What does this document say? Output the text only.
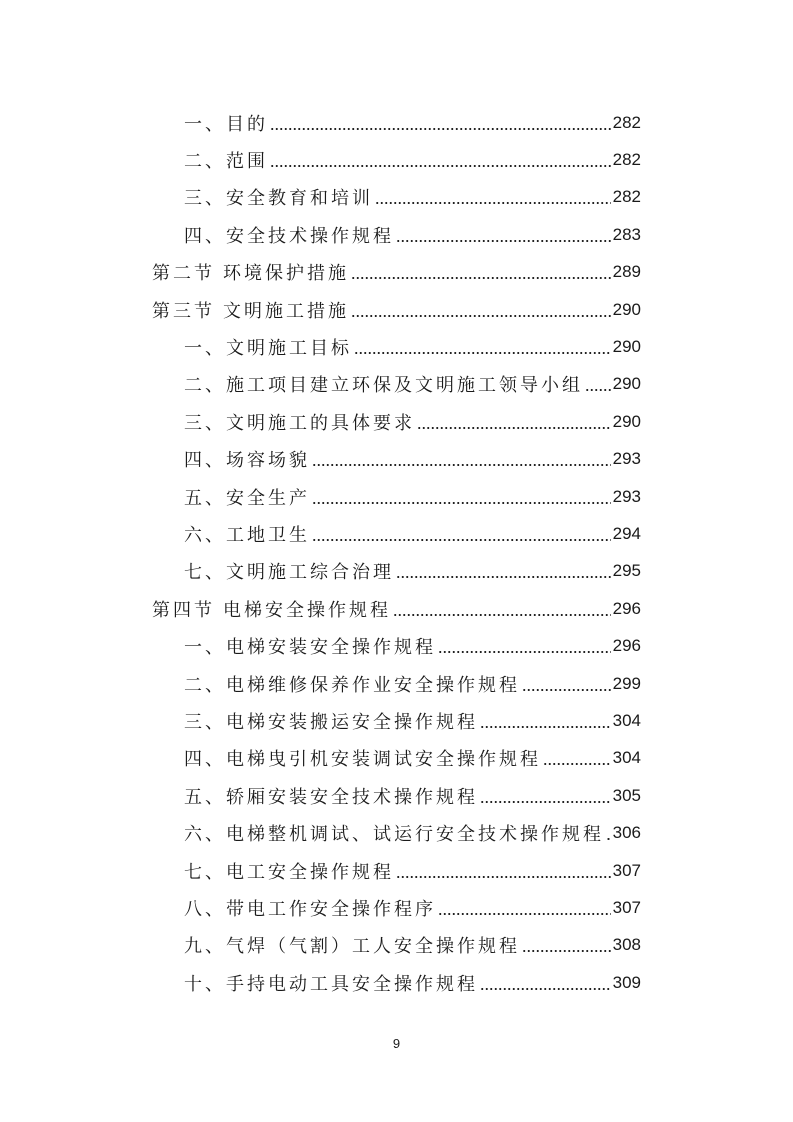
一、目的	282
二、范围	282
三、安全教育和培训	282
四、安全技术操作规程	283
第二节 环境保护措施	289
第三节 文明施工措施	290
一、文明施工目标	290
二、施工项目建立环保及文明施工领导小组 290
三、文明施工的具体要求	290
四、场容场貌	293
五、安全生产	293
六、工地卫生	294
七、文明施工综合治理	295
第四节 电梯安全操作规程	296
一、电梯安装安全操作规程	296
二、电梯维修保养作业安全操作规程	299
三、电梯安装搬运安全操作规程	304
四、电梯曳引机安装调试安全操作规程	304
五、轿厢安装安全技术操作规程	305
六、电梯整机调试、试运行安全技术操作规程 306
七、电工安全操作规程	307
八、带电工作安全操作程序	307
九、气焊（气割）工人安全操作规程	308
十、手持电动工具安全操作规程	309
9
